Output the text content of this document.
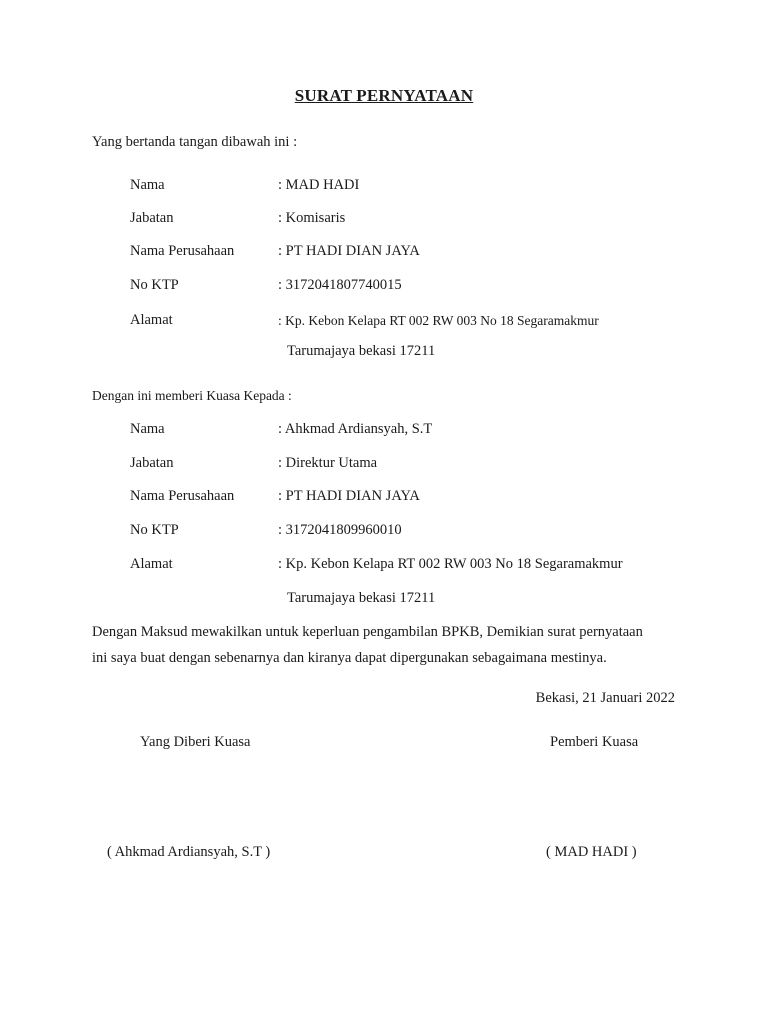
SURAT PERNYATAAN
Yang bertanda tangan dibawah ini :
Nama	: MAD HADI
Jabatan	: Komisaris
Nama Perusahaan	: PT HADI DIAN JAYA
No KTP	: 3172041807740015
Alamat	: Kp. Kebon Kelapa RT 002 RW 003 No 18 Segaramakmur
Tarumajaya bekasi 17211
Dengan ini memberi Kuasa Kepada :
Nama	: Ahkmad Ardiansyah, S.T
Jabatan	: Direktur Utama
Nama Perusahaan	: PT HADI DIAN JAYA
No KTP	: 3172041809960010
Alamat	: Kp. Kebon Kelapa RT 002 RW 003 No 18 Segaramakmur
Tarumajaya bekasi 17211
Dengan Maksud mewakilkan untuk keperluan pengambilan BPKB, Demikian surat pernyataan
ini saya buat dengan sebenarnya dan kiranya dapat dipergunakan sebagaimana mestinya.
Bekasi, 21 Januari 2022
Yang Diberi Kuasa	Pemberi Kuasa
( Ahkmad Ardiansyah, S.T )	( MAD HADI )
